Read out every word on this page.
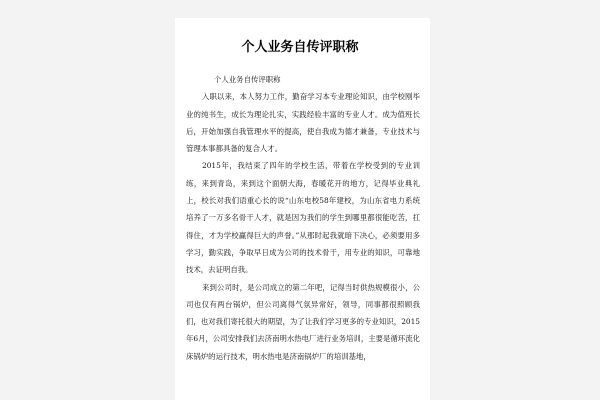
个人业务自传评职称

个人业务自传评职称

入职以来，本人努力工作，勤奋学习本专业理论知识，由学校刚毕业的纯书生，成长为理论扎实，实践经验丰富的专业人才。成为值班长后，开始加强自我管理水平的提高，使自我成为德才兼备，专业技术与管理本事都具备的复合人才。

2015年，我结束了四年的学校生活，带着在学校受到的专业训练，来到青岛，来到这个面朝大海，春暖花开的地方，记得毕业典礼上，校长对我们语重心长的说“山东电校58年建校，为山东省电力系统培养了一万多名骨干人才，就是因为我们的学生到哪里都很能吃苦，扛得住，才为学校赢得巨大的声誉。”从那时起我就暗下决心，必须要用多学习，勤实践，争取早日成为公司的技术骨干，用专业的知识，可靠地技术，去证明自我。

来到公司时，是公司成立的第二年吧，记得当时供热规模很小，公司也仅有两台锅炉，但公司离得气氛异常好，领导，同事都很照顾我们，也对我们寄托很大的期望，为了让我们学习更多的专业知识，2015年6月，公司安排我们去济南明水热电厂进行业务培训，主要是循环流化床锅炉的运行技术，明水热电是济南锅炉厂的培训基地，
